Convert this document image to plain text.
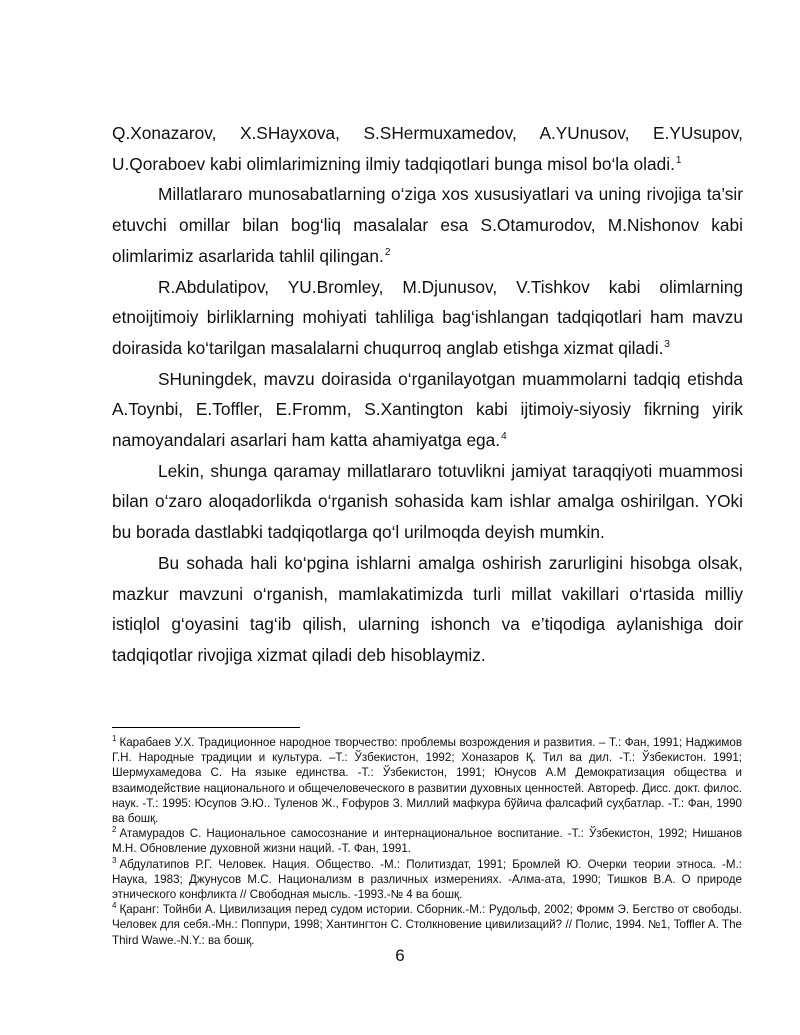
Q.Xonazarov, X.SHayxova, S.SHermuxamedov, A.YUnusov, E.YUsupov, U.Qoraboev kabi olimlarimizning ilmiy tadqiqotlari bunga misol bo‘la oladi.$^1$

Millatlararo munosabatlarning o‘ziga xos xususiyatlari va uning rivojiga ta’sir etuvchi omillar bilan bog‘liq masalalar esa S.Otamurodov, M.Nishonov kabi olimlarimiz asarlarida tahlil qilingan.$^2$

R.Abdulatipov, YU.Bromley, M.Djunusov, V.Tishkov kabi olimlarning etnoijtimoiy birliklarning mohiyati tahliliga bag‘ishlangan tadqiqotlari ham mavzu doirasida ko‘tarilgan masalalarni chuqurroq anglab etishga xizmat qiladi.$^3$

SHuningdek, mavzu doirasida o‘rganilayotgan muammolarni tadqiq etishda A.Toynbi, E.Toffler, E.Fromm, S.Xantington kabi ijtimoiy-siyosiy fikrning yirik namoyandalari asarlari ham katta ahamiyatga ega.$^4$

Lekin, shunga qaramay millatlararo totuvlikni jamiyat taraqqiyoti muammosi bilan o‘zaro aloqadorlikda o‘rganish sohasida kam ishlar amalga oshirilgan. YOki bu borada dastlabki tadqiqotlarga qo‘l urilmoqda deyish mumkin.

Bu sohada hali ko‘pgina ishlarni amalga oshirish zarurligini hisobga olsak, mazkur mavzuni o‘rganish, mamlakatimizda turli millat vakillari o‘rtasida milliy istiqlol g‘oyasini tag‘ib qilish, ularning ishonch va e’tiqodiga aylanishiga doir tadqiqotlar rivojiga xizmat qiladi deb hisoblaymiz.

$^1$ Карабаев У.Х. Традиционное народное творчество: проблемы возрождения и развития. – Т.: Фан, 1991; Наджимов Г.Н. Народные традиции и культура. –Т.: Ўзбекистон, 1992; Хоназаров Қ. Тил ва дил. -Т.: Ўзбекистон. 1991; Шермухамедова С. На языке единства. -Т.: Ўзбекистон, 1991; Юнусов А.М Демократизация общества и взаимодействие национального и общечеловеческого в развитии духовных ценностей. Автореф. Дисс. докт. филос. наук. -Т.: 1995: Юсупов Э.Ю.. Туленов Ж., Ғофуров З. Миллий мафкура бўйича фалсафий суҳбатлар. -Т.: Фан, 1990 ва бошқ.

$^2$ Атамурадов С. Национальное самосознание и интернациональное воспитание. -Т.: Ўзбекистон, 1992; Нишанов М.Н. Обновление духовной жизни наций. -Т. Фан, 1991.

$^3$ Абдулатипов Р.Г. Человек. Нация. Общество. -М.: Политиздат, 1991; Бромлей Ю. Очерки теории этноса. -М.: Наука, 1983; Джунусов М.С. Национализм в различных измерениях. -Алма-ата, 1990; Тишков В.А. О природе этнического конфликта // Свободная мысль. -1993.-№ 4 ва бошқ.

$^4$ Қаранг: Тойнби А. Цивилизация перед судом истории. Сборник.-М.: Рудольф, 2002; Фромм Э. Бегство от свободы. Человек для себя.-Мн.: Поппури, 1998; Хантингтон С. Столкновение цивилизаций? // Полис, 1994. №1, Toffler A. The Third Wawe.-N.Y.: ва бошқ.

6
